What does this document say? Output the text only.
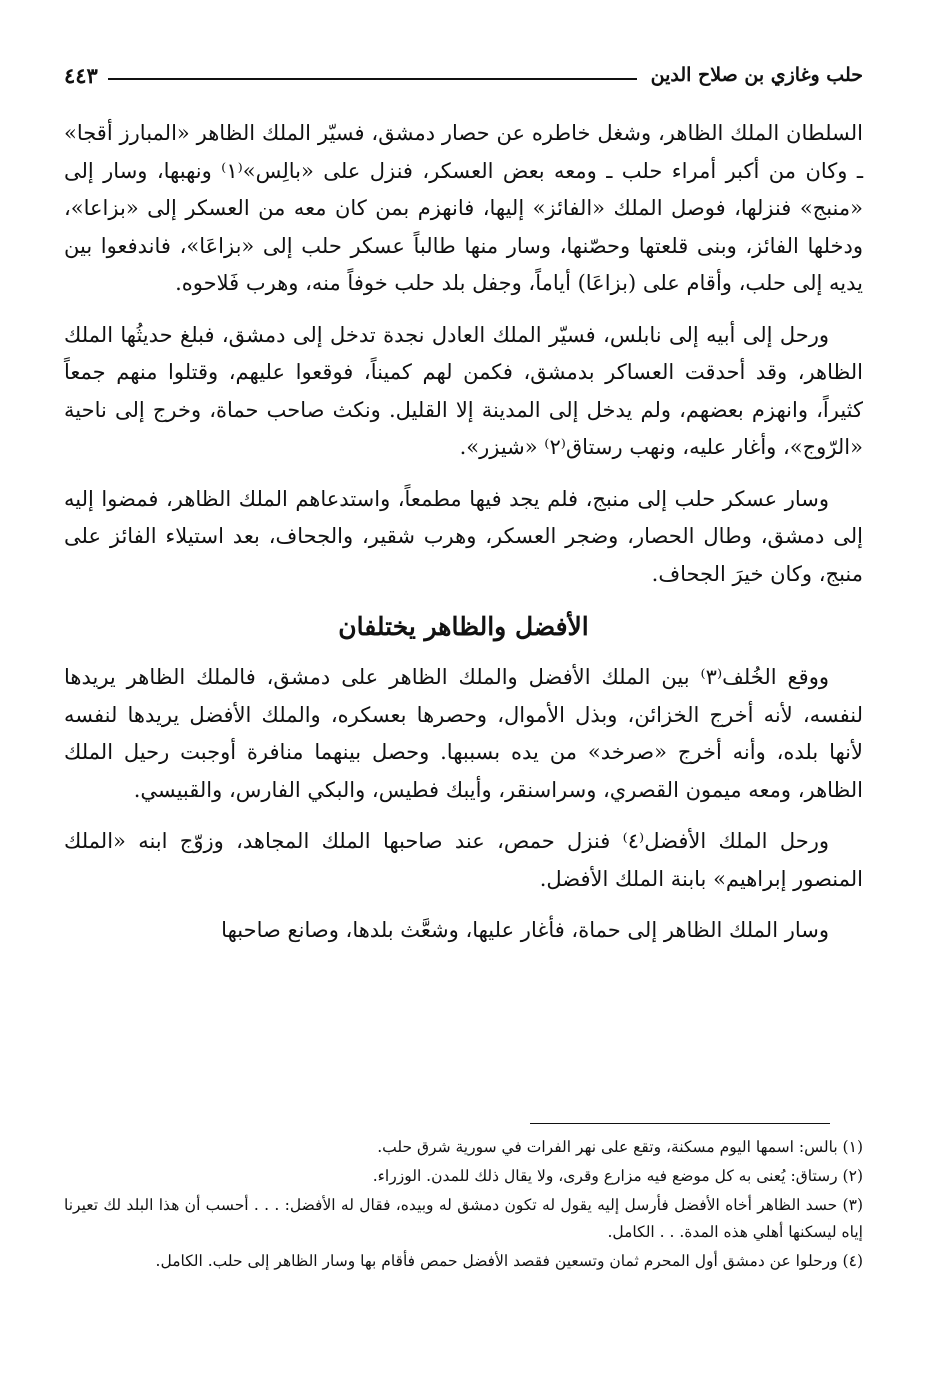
حلب وغازي بن صلاح الدين
٤٤٣

السلطان الملك الظاهر، وشغل خاطره عن حصار دمشق، فسيّر الملك الظاهر «المبارز أقجا» ـ وكان من أكبر أمراء حلب ـ ومعه بعض العسكر، فنزل على «بالِس»⁽١⁾ ونهبها، وسار إلى «منبج» فنزلها، فوصل الملك «الفائز» إليها، فانهزم بمن كان معه من العسكر إلى «بزاعا»، ودخلها الفائز، وبنى قلعتها وحصّنها، وسار منها طالباً عسكر حلب إلى «بزاعَا»، فاندفعوا بين يديه إلى حلب، وأقام على (بزاعَا) أياماً، وجفل بلد حلب خوفاً منه، وهرب فَلاحوه.

ورحل إلى أبيه إلى نابلس، فسيّر الملك العادل نجدة تدخل إلى دمشق، فبلغ حديثُها الملك الظاهر، وقد أحدقت العساكر بدمشق، فكمن لهم كميناً، فوقعوا عليهم، وقتلوا منهم جمعاً كثيراً، وانهزم بعضهم، ولم يدخل إلى المدينة إلا القليل. ونكث صاحب حماة، وخرج إلى ناحية «الرّوج»، وأغار عليه، ونهب رستاق⁽٢⁾ «شيزر».

وسار عسكر حلب إلى منبج، فلم يجد فيها مطمعاً، واستدعاهم الملك الظاهر، فمضوا إليه إلى دمشق، وطال الحصار، وضجر العسكر، وهرب شقير، والجحاف، بعد استيلاء الفائز على منبج، وكان خيرَ الجحاف.

الأفضل والظاهر يختلفان

ووقع الخُلف⁽٣⁾ بين الملك الأفضل والملك الظاهر على دمشق، فالملك الظاهر يريدها لنفسه، لأنه أخرج الخزائن، وبذل الأموال، وحصرها بعسكره، والملك الأفضل يريدها لنفسه لأنها بلده، وأنه أخرج «صرخد» من يده بسببها. وحصل بينهما منافرة أوجبت رحيل الملك الظاهر، ومعه ميمون القصري، وسراسنقر، وأيبك فطيس، والبكي الفارس، والقبيسي.

ورحل الملك الأفضل⁽٤⁾ فنزل حمص، عند صاحبها الملك المجاهد، وزوّج ابنه «الملك المنصور إبراهيم» بابنة الملك الأفضل.

وسار الملك الظاهر إلى حماة، فأغار عليها، وشعَّث بلدها، وصانع صاحبها

(١) بالس: اسمها اليوم مسكنة، وتقع على نهر الفرات في سورية شرق حلب.

(٢) رستاق: يُعنى به كل موضع فيه مزارع وقرى، ولا يقال ذلك للمدن. الوزراء.

(٣) حسد الظاهر أخاه الأفضل فأرسل إليه يقول له تكون دمشق له وبيده، فقال له الأفضل: . . . أحسب أن هذا البلد لك تعيرنا إياه ليسكنها أهلي هذه المدة. . . الكامل.

(٤) ورحلوا عن دمشق أول المحرم ثمان وتسعين فقصد الأفضل حمص فأقام بها وسار الظاهر إلى حلب. الكامل.
